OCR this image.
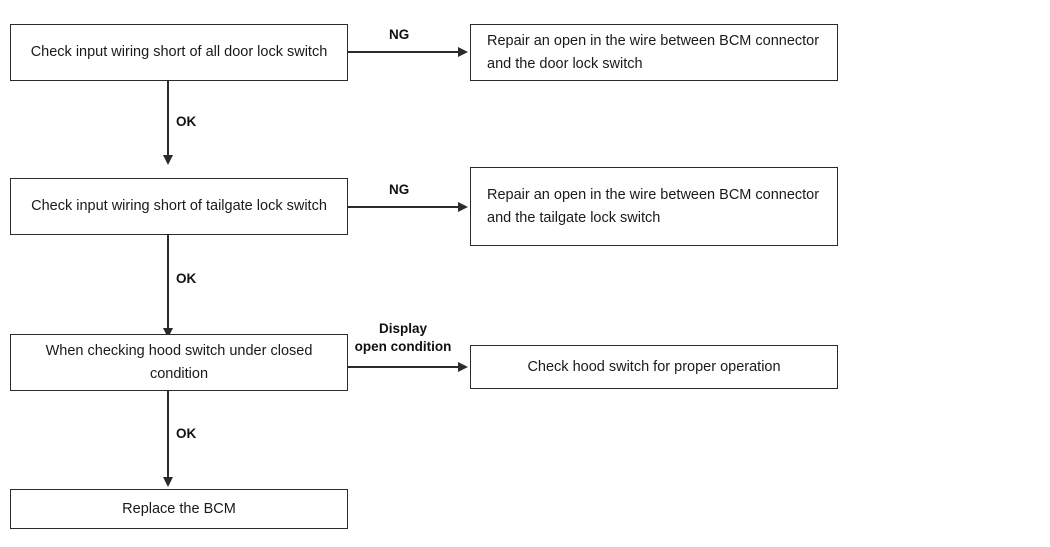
Check input wiring short of all door lock switch
Repair an open in the wire between BCM connector and the door lock switch
NG
OK
Check input wiring short of tailgate lock switch
Repair an open in the wire between BCM connector and the tailgate lock switch
NG
OK
When checking hood switch under closed condition	Check hood switch for proper operation
Display
open condition
OK
Replace the BCM
